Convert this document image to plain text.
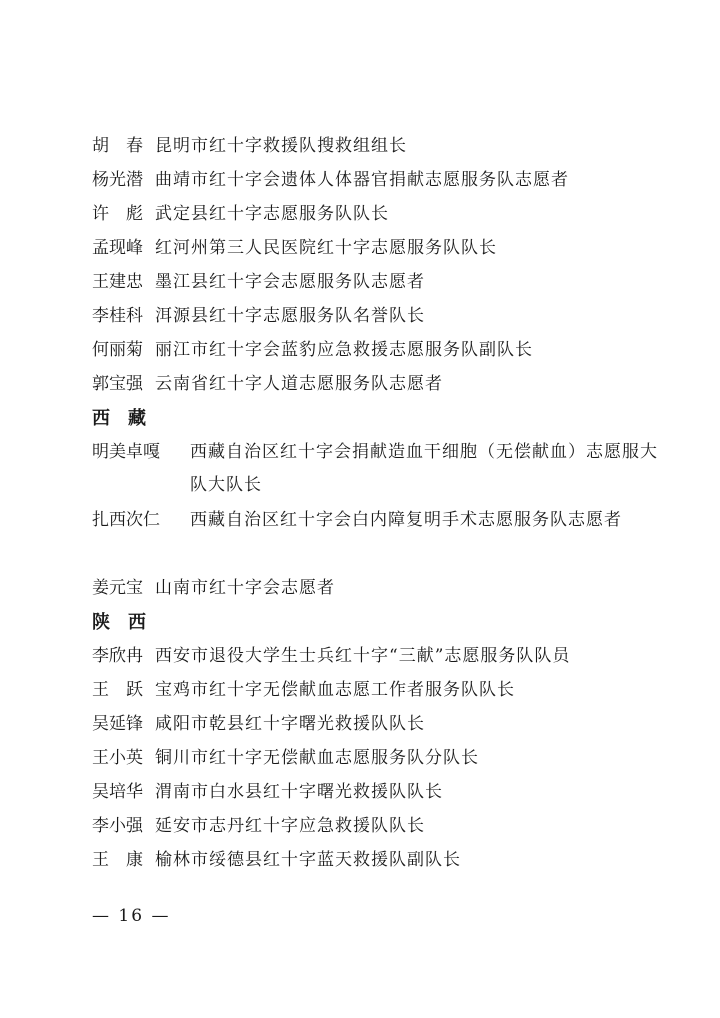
胡　春 昆明市红十字救援队搜救组组长
杨光潜 曲靖市红十字会遗体人体器官捐献志愿服务队志愿者
许　彪 武定县红十字志愿服务队队长
孟现峰 红河州第三人民医院红十字志愿服务队队长
王建忠 墨江县红十字会志愿服务队志愿者
李桂科 洱源县红十字志愿服务队名誉队长
何丽菊 丽江市红十字会蓝豹应急救援志愿服务队副队长
郭宝强 云南省红十字人道志愿服务队志愿者
西　藏
明美卓嘎 西藏自治区红十字会捐献造血干细胞（无偿献血）志愿服大队大队长
扎西次仁 西藏自治区红十字会白内障复明手术志愿服务队志愿者
姜元宝 山南市红十字会志愿者
陕　西
李欣冉 西安市退役大学生士兵红十字“三献”志愿服务队队员
王　跃 宝鸡市红十字无偿献血志愿工作者服务队队长
吴延锋 咸阳市乾县红十字曙光救援队队长
王小英 铜川市红十字无偿献血志愿服务队分队长
吴培华 渭南市白水县红十字曙光救援队队长
李小强 延安市志丹红十字应急救援队队长
王　康 榆林市绥德县红十字蓝天救援队副队长
— 16 —
